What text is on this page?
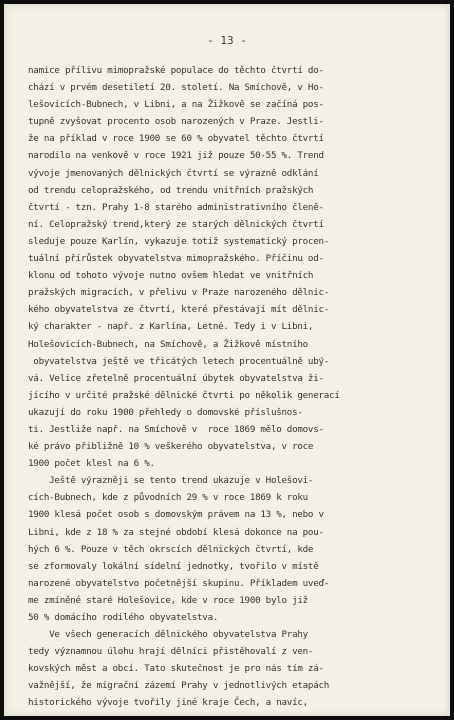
- 13 -
namice přílivu mimopražské populace do těchto čtvrtí do-
chází v prvém desetiletí 20. století. Na Smíchově, v Ho-
lešovicích-Bubnech, v Libni, a na Žižkově se začíná pos-
tupně zvyšovat procento osob narozených v Praze. Jestli-
že na příklad v roce 1900 se 60 % obyvatel těchto čtvrtí
narodilo na venkově v roce 1921 již pouze 50-55 %. Trend
vývoje jmenovaných dělnických čtvrtí se výrazně odklání
od trendu celopražského, od trendu vnitřních pražských
čtvrtí - tzn. Prahy 1-8 starého administrativního členě-
ní. Celopražský trend,který ze starých dělnických čtvrtí
sleduje pouze Karlín, vykazuje totiž systematický procen-
tuální přírůstek obyvatelstva mimopražského. Příčinu od-
klonu od tohoto vývoje nutno ovšem hledat ve vnitřních
pražských migracích, v přelivu v Praze narozeného dělnic-
kého obyvatelstva ze čtvrtí, které přestávají mít dělnic-
ký charakter - např. z Karlína, Letné. Tedy i v Libni,
Holešovicích-Bubnech, na Smíchově, a Žižkově místního
obyvatelstva ještě ve třicátých letech procentuálně ubý-
vá. Velice zřetelně procentuální úbytek obyvatelstva ži-
jícího v určité pražské dělnické čtvrti po několik generací
ukazují do roku 1900 přehledy o domovské příslušnos-
ti. Jestliže např. na Smíchově v  roce 1869 mělo domovs-
ké právo přibližně 10 % veškerého obyvatelstva, v roce
1900 počet klesl na 6 %.
Ještě výrazněji se tento trend ukazuje v Holešovi-
cích-Bubnech, kde z původních 29 % v roce 1869 k roku
1900 klesá počet osob s domovským právem na 13 %, nebo v
Libni, kde z 18 % za stejné období klesá dokonce na pou-
hých 6 %. Pouze v těch okrscích dělnických čtvrtí, kde
se zformovaly lokální sídelní jednotky, tvořilo v místě
narozené obyvatelstvo početnější skupinu. Příkladem uveď-
me zmíněné staré Holešovice, kde v roce 1900 bylo již
50 % domácího rodilého obyvatelstva.
Ve všech generacích dělnického obyvatelstva Prahy
tedy významnou úlohu hrají dělníci přistěhovalí z ven-
kovských měst a obcí. Tato skutečnost je pro nás tím zá-
važnější, že migrační zázemí Prahy v jednotlivých etapách
historického vývoje tvořily jiné kraje Čech, a navíc,
